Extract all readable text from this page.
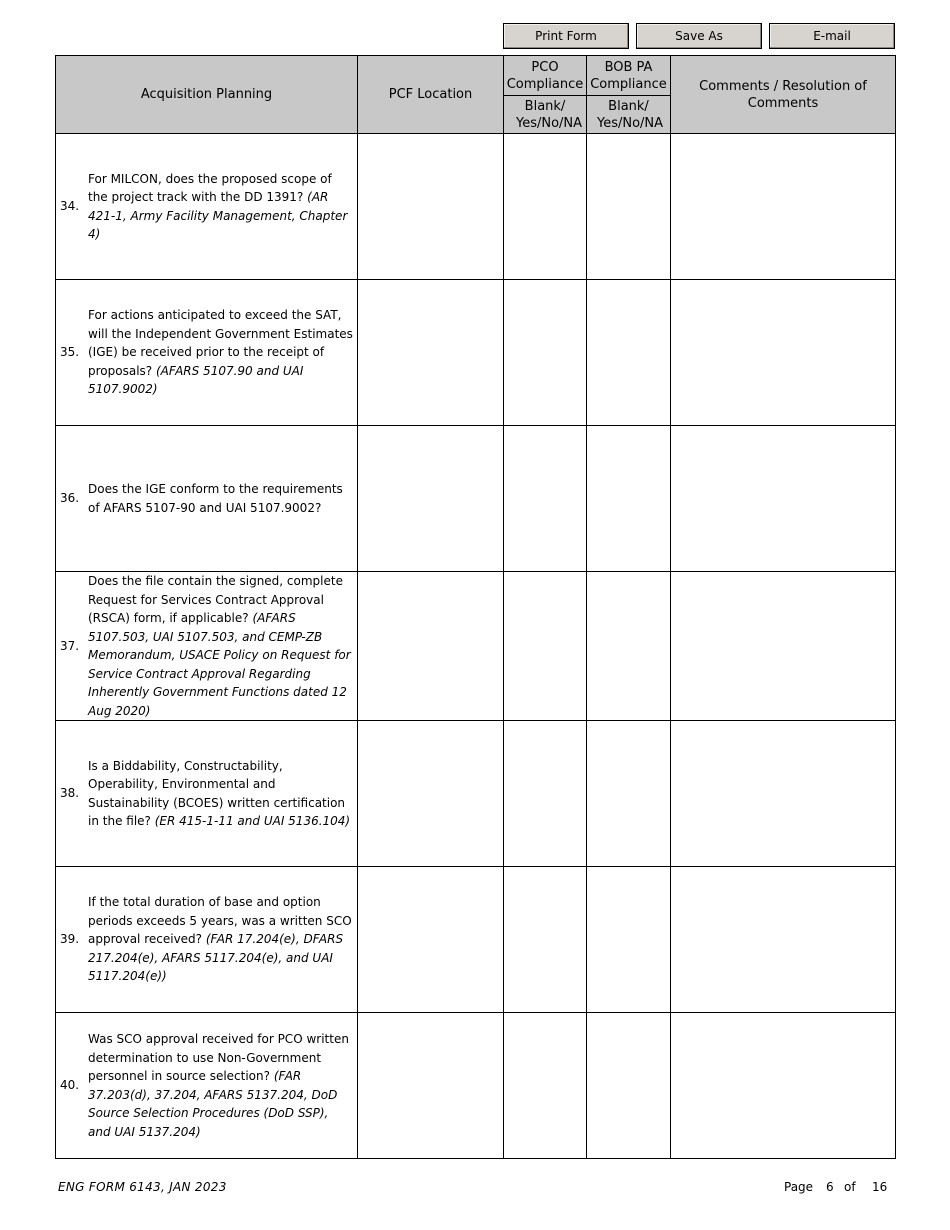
Print Form	Save As	E-mail
Acquisition Planning	PCF Location	PCO Compliance	BOB PA Compliance	Comments / Resolution of Comments
		Blank/ Yes/No/NA	Blank/ Yes/No/NA	

34.
For MILCON, does the proposed scope of the project track with the DD 1391? (AR 421-1, Army Facility Management, Chapter 4)				

35.
For actions anticipated to exceed the SAT, will the Independent Government Estimates (IGE) be received prior to the receipt of proposals? (AFARS 5107.90 and UAI 5107.9002)				

36.
Does the IGE conform to the requirements of AFARS 5107-90 and UAI 5107.9002?				

37.
Does the file contain the signed, complete Request for Services Contract Approval (RSCA) form, if applicable? (AFARS 5107.503, UAI 5107.503, and CEMP-ZB Memorandum, USACE Policy on Request for Service Contract Approval Regarding Inherently Government Functions dated 12 Aug 2020)				

38.
Is a Biddability, Constructability, Operability, Environmental and Sustainability (BCOES) written certification in the file? (ER 415-1-11 and UAI 5136.104)				

39.
If the total duration of base and option periods exceeds 5 years, was a written SCO approval received? (FAR 17.204(e), DFARS 217.204(e), AFARS 5117.204(e), and UAI 5117.204(e))				

40.
Was SCO approval received for PCO written determination to use Non-Government personnel in source selection? (FAR 37.203(d), 37.204, AFARS 5137.204, DoD Source Selection Procedures (DoD SSP), and UAI 5137.204)				

ENG FORM 6143, JAN 2023	Page	6 of	16
